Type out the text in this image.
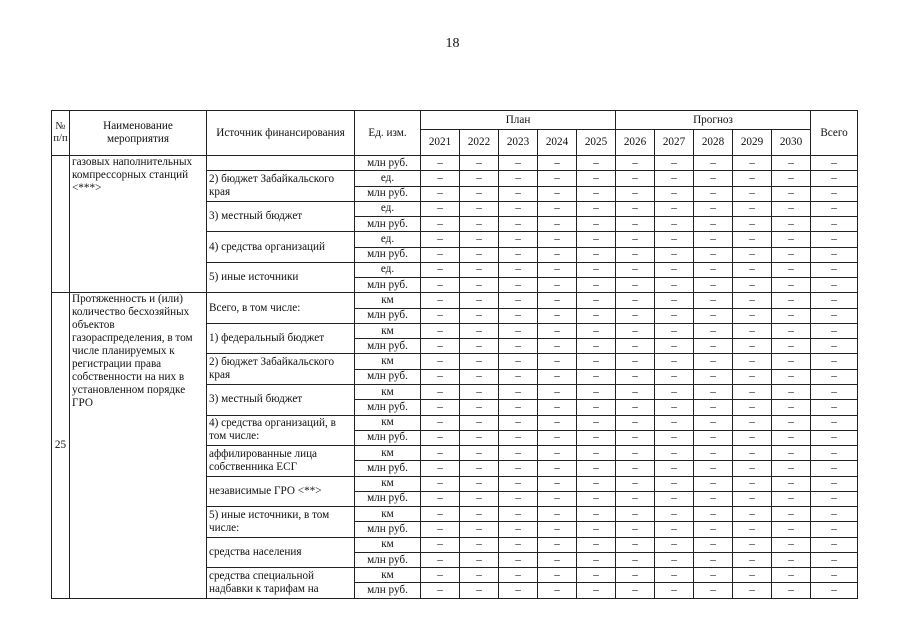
18
№ п/п	Наименование мероприятия	Источник финансирования	Ед. изм.	План					Прогноз					Всего
				2021	2022	2023	2024	2025	2026	2027	2028	2029	2030	
	газовых наполнительных компрессорных станций <***>		млн руб.	–	–	–	–	–	–	–	–	–	–	–
		2) бюджет Забайкальского края	ед.	–	–	–	–	–	–	–	–	–	–	–
			млн руб.	–	–	–	–	–	–	–	–	–	–	–
		3) местный бюджет	ед.	–	–	–	–	–	–	–	–	–	–	–
			млн руб.	–	–	–	–	–	–	–	–	–	–	–
		4) средства организаций	ед.	–	–	–	–	–	–	–	–	–	–	–
			млн руб.	–	–	–	–	–	–	–	–	–	–	–
		5) иные источники	ед.	–	–	–	–	–	–	–	–	–	–	–
			млн руб.	–	–	–	–	–	–	–	–	–	–	–
25	Протяженность и (или) количество бесхозяйных объектов газораспределения, в том числе планируемых к регистрации права собственности на них в установленном порядке ГРО	Всего, в том числе:	км	–	–	–	–	–	–	–	–	–	–	–
			млн руб.	–	–	–	–	–	–	–	–	–	–	–
		1) федеральный бюджет	км	–	–	–	–	–	–	–	–	–	–	–
			млн руб.	–	–	–	–	–	–	–	–	–	–	–
		2) бюджет Забайкальского края	км	–	–	–	–	–	–	–	–	–	–	–
			млн руб.	–	–	–	–	–	–	–	–	–	–	–
		3) местный бюджет	км	–	–	–	–	–	–	–	–	–	–	–
			млн руб.	–	–	–	–	–	–	–	–	–	–	–
		4) средства организаций, в том числе:	км	–	–	–	–	–	–	–	–	–	–	–
			млн руб.	–	–	–	–	–	–	–	–	–	–	–
		аффилированные лица собственника ЕСГ	км	–	–	–	–	–	–	–	–	–	–	–
			млн руб.	–	–	–	–	–	–	–	–	–	–	–
		независимые ГРО <**>	км	–	–	–	–	–	–	–	–	–	–	–
			млн руб.	–	–	–	–	–	–	–	–	–	–	–
		5) иные источники, в том числе:	км	–	–	–	–	–	–	–	–	–	–	–
			млн руб.	–	–	–	–	–	–	–	–	–	–	–
		средства населения	км	–	–	–	–	–	–	–	–	–	–	–
			млн руб.	–	–	–	–	–	–	–	–	–	–	–
		средства специальной надбавки к тарифам на	км	–	–	–	–	–	–	–	–	–	–	–
			млн руб.	–	–	–	–	–	–	–	–	–	–	–
